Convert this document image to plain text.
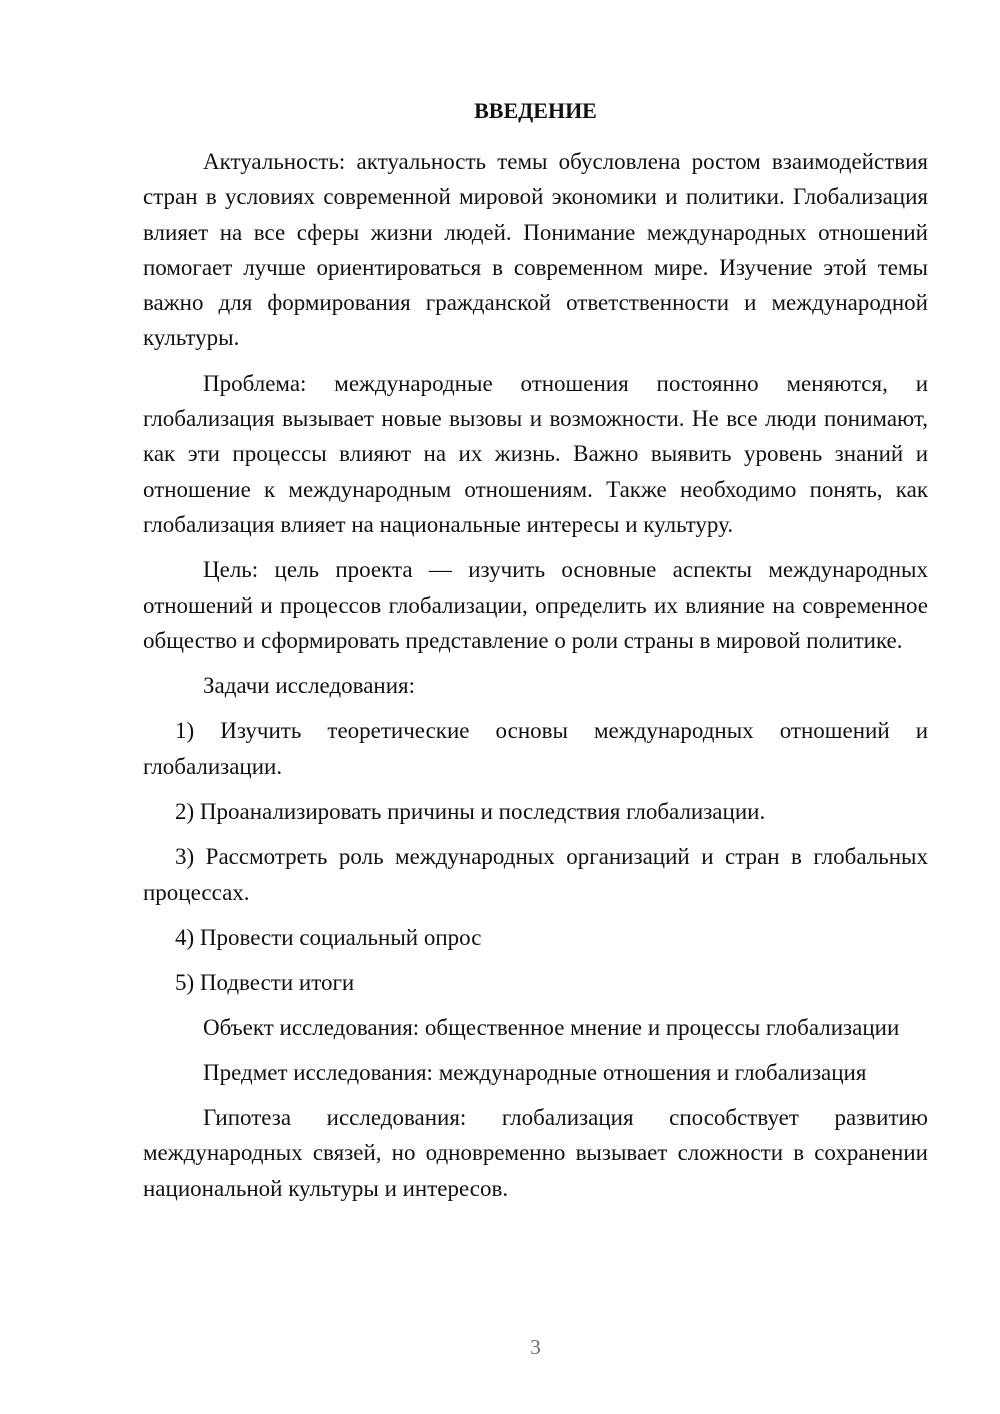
ВВЕДЕНИЕ

Актуальность: актуальность темы обусловлена ростом взаимодействия стран в условиях современной мировой экономики и политики. Глобализация влияет на все сферы жизни людей. Понимание международных отношений помогает лучше ориентироваться в современном мире. Изучение этой темы важно для формирования гражданской ответственности и международной культуры.

Проблема: международные отношения постоянно меняются, и глобализация вызывает новые вызовы и возможности. Не все люди понимают, как эти процессы влияют на их жизнь. Важно выявить уровень знаний и отношение к международным отношениям. Также необходимо понять, как глобализация влияет на национальные интересы и культуру.

Цель: цель проекта — изучить основные аспекты международных отношений и процессов глобализации, определить их влияние на современное общество и сформировать представление о роли страны в мировой политике.

Задачи исследования:

1) Изучить теоретические основы международных отношений и глобализации.

2) Проанализировать причины и последствия глобализации.

3) Рассмотреть роль международных организаций и стран в глобальных процессах.

4) Провести социальный опрос

5) Подвести итоги

Объект исследования: общественное мнение и процессы глобализации

Предмет исследования: международные отношения и глобализация

Гипотеза исследования: глобализация способствует развитию международных связей, но одновременно вызывает сложности в сохранении национальной культуры и интересов.

3
